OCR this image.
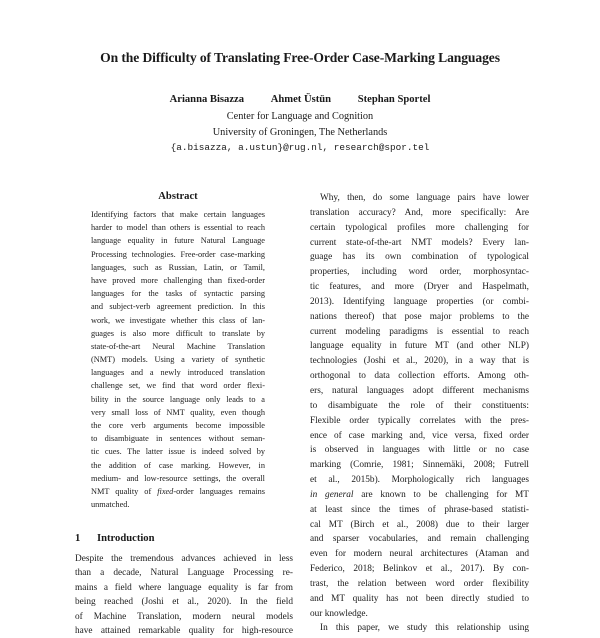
On the Difficulty of Translating Free-Order Case-Marking Languages
Arianna Bisazza	Ahmet Üstün	Stephan Sportel
Center for Language and Cognition
University of Groningen, The Netherlands
{a.bisazza, a.ustun}@rug.nl, research@spor.tel
Abstract
Identifying factors that make certain languages
harder to model than others is essential to reach
language equality in future Natural Language
Processing technologies. Free-order case-marking
languages, such as Russian, Latin, or Tamil,
have proved more challenging than fixed-order
languages for the tasks of syntactic parsing
and subject-verb agreement prediction. In this
work, we investigate whether this class of lan-
guages is also more difficult to translate by
state-of-the-art Neural Machine Translation
(NMT) models. Using a variety of synthetic
languages and a newly introduced translation
challenge set, we find that word order flexi-
bility in the source language only leads to a
very small loss of NMT quality, even though
the core verb arguments become impossible
to disambiguate in sentences without seman-
tic cues. The latter issue is indeed solved by
the addition of case marking. However, in
medium- and low-resource settings, the overall
NMT quality of fixed-order languages remains
unmatched.
1 Introduction
Despite the tremendous advances achieved in less
than a decade, Natural Language Processing re-
mains a field where language equality is far from
being reached (Joshi et al., 2020). In the field
of Machine Translation, modern neural models
have attained remarkable quality for high-resource
Why, then, do some language pairs have lower
translation accuracy? And, more specifically: Are
certain typological profiles more challenging for
current state-of-the-art NMT models? Every lan-
guage has its own combination of typological
properties, including word order, morphosyntac-
tic features, and more (Dryer and Haspelmath,
2013). Identifying language properties (or combi-
nations thereof) that pose major problems to the
current modeling paradigms is essential to reach
language equality in future MT (and other NLP)
technologies (Joshi et al., 2020), in a way that is
orthogonal to data collection efforts. Among oth-
ers, natural languages adopt different mechanisms
to disambiguate the role of their constituents:
Flexible order typically correlates with the pres-
ence of case marking and, vice versa, fixed order
is observed in languages with little or no case
marking (Comrie, 1981; Sinnemäki, 2008; Futrell
et al., 2015b). Morphologically rich languages
in general are known to be challenging for MT
at least since the times of phrase-based statisti-
cal MT (Birch et al., 2008) due to their larger
and sparser vocabularies, and remain challenging
even for modern neural architectures (Ataman and
Federico, 2018; Belinkov et al., 2017). By con-
trast, the relation between word order flexibility
and MT quality has not been directly studied to
our knowledge.
In this paper, we study this relationship using
